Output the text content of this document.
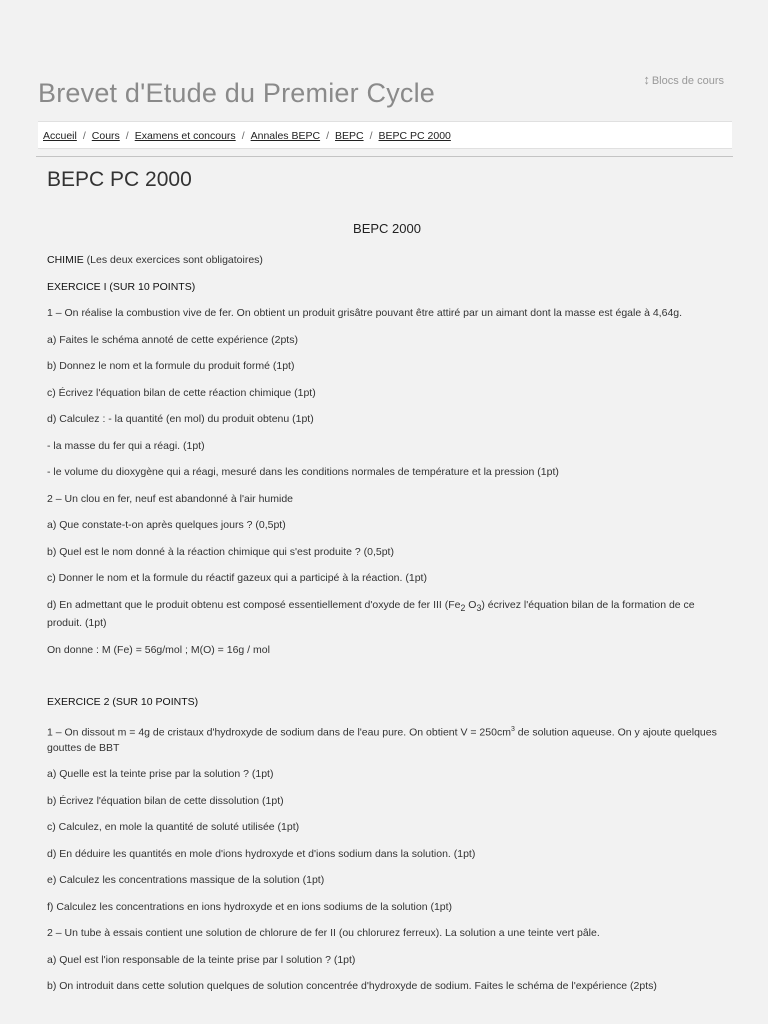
↕ Blocs de cours
Brevet d'Etude du Premier Cycle
Accueil / Cours / Examens et concours / Annales BEPC / BEPC / BEPC PC 2000
BEPC PC 2000
BEPC 2000

CHIMIE (Les deux exercices sont obligatoires)

EXERCICE I (SUR 10 POINTS)

1 – On réalise la combustion vive de fer. On obtient un produit grisâtre pouvant être attiré par un aimant dont la masse est égale à 4,64g.

a) Faites le schéma annoté de cette expérience (2pts)

b) Donnez le nom et la formule du produit formé (1pt)

c) Écrivez l'équation bilan de cette réaction chimique (1pt)

d) Calculez : - la quantité (en mol) du produit obtenu (1pt)

- la masse du fer qui a réagi. (1pt)

- le volume du dioxygène qui a réagi, mesuré dans les conditions normales de température et la pression (1pt)

2 – Un clou en fer, neuf est abandonné à l'air humide

a) Que constate-t-on après quelques jours ? (0,5pt)

b) Quel est le nom donné à la réaction chimique qui s'est produite ? (0,5pt)

c) Donner le nom et la formule du réactif gazeux qui a participé à la réaction. (1pt)

d) En admettant que le produit obtenu est composé essentiellement d'oxyde de fer III ($Fe_2$ $O_3$) écrivez l'équation bilan de la formation de ce produit. (1pt)

On donne : M (Fe) = 56g/mol ; M(O) = 16g / mol

EXERCICE 2 (SUR 10 POINTS)

1 – On dissout m = 4g de cristaux d'hydroxyde de sodium dans de l'eau pure. On obtient $V = 250cm^3$ de solution aqueuse. On y ajoute quelques gouttes de BBT

a) Quelle est la teinte prise par la solution ? (1pt)

b) Écrivez l'équation bilan de cette dissolution (1pt)

c) Calculez, en mole la quantité de soluté utilisée (1pt)

d) En déduire les quantités en mole d'ions hydroxyde et d'ions sodium dans la solution. (1pt)

e) Calculez les concentrations massique de la solution (1pt)

f) Calculez les concentrations en ions hydroxyde et en ions sodiums de la solution (1pt)

2 – Un tube à essais contient une solution de chlorure de fer II (ou chlorurez ferreux). La solution a une teinte vert pâle.

a) Quel est l'ion responsable de la teinte prise par l solution ? (1pt)

b) On introduit dans cette solution quelques de solution concentrée d'hydroxyde de sodium. Faites le schéma de l'expérience (2pts)
